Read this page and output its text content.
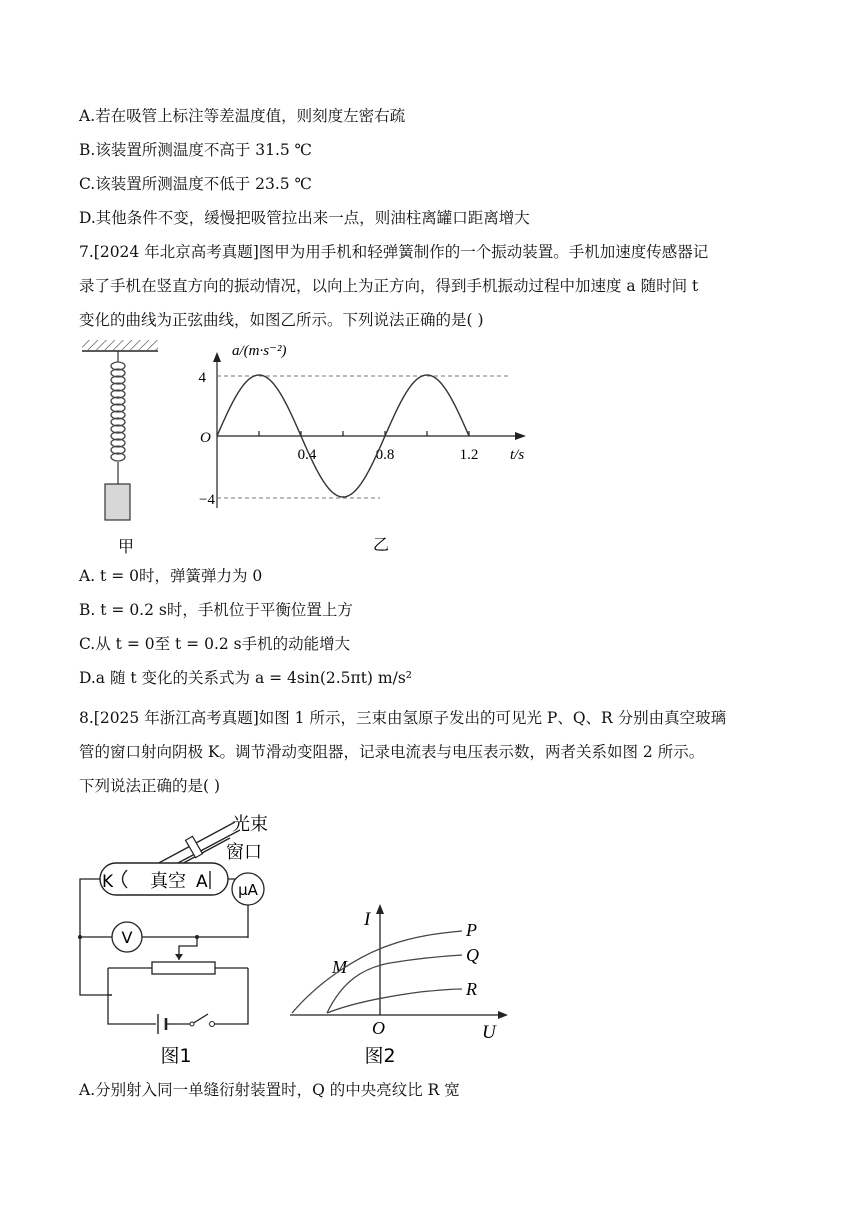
A.若在吸管上标注等差温度值，则刻度左密右疏
B.该装置所测温度不高于 31.5 ℃
C.该装置所测温度不低于 23.5 ℃
D.其他条件不变，缓慢把吸管拉出来一点，则油柱离罐口距离增大
7.[2024 年北京高考真题]图甲为用手机和轻弹簧制作的一个振动装置。手机加速度传感器记
录了手机在竖直方向的振动情况，以向上为正方向，得到手机振动过程中加速度 a 随时间 t
变化的曲线为正弦曲线，如图乙所示。下列说法正确的是( )
甲
a/(m·s⁻²)
4
−4
O
0.4	0.8	1.2 t/s
乙
A. t = 0时，弹簧弹力为 0
B. t = 0.2 s时，手机位于平衡位置上方
C.从 t = 0至 t = 0.2 s手机的动能增大
D.a 随 t 变化的关系式为 a = 4sin(2.5πt) m/s²
8.[2025 年浙江高考真题]如图 1 所示，三束由氢原子发出的可见光 P、Q、R 分别由真空玻璃
管的窗口射向阴极 K。调节滑动变阻器，记录电流表与电压表示数，两者关系如图 2 所示。
下列说法正确的是( )
光束
窗口
K 真空 A μA
V
图1
I
U
O
M
P
Q
R
图2
A.分别射入同一单缝衍射装置时，Q 的中央亮纹比 R 宽
